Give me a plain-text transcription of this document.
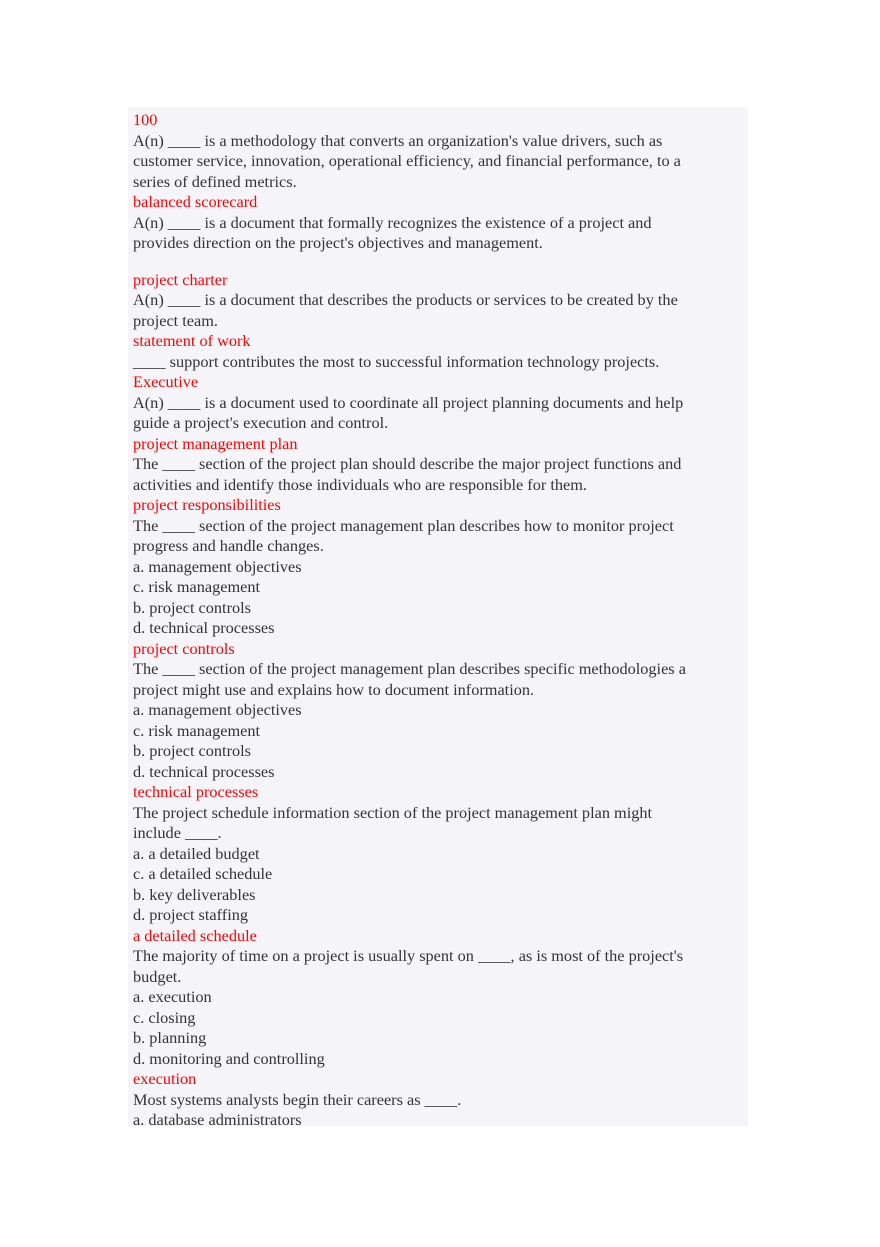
100
A(n) ____ is a methodology that converts an organization's value drivers, such as
customer service, innovation, operational efficiency, and financial performance, to a
series of defined metrics.
balanced scorecard
A(n) ____ is a document that formally recognizes the existence of a project and
provides direction on the project's objectives and management.
project charter
A(n) ____ is a document that describes the products or services to be created by the
project team.
statement of work
____ support contributes the most to successful information technology projects.
Executive
A(n) ____ is a document used to coordinate all project planning documents and help
guide a project's execution and control.
project management plan
The ____ section of the project plan should describe the major project functions and
activities and identify those individuals who are responsible for them.
project responsibilities
The ____ section of the project management plan describes how to monitor project
progress and handle changes.
a. management objectives
c. risk management
b. project controls
d. technical processes
project controls
The ____ section of the project management plan describes specific methodologies a
project might use and explains how to document information.
a. management objectives
c. risk management
b. project controls
d. technical processes
technical processes
The project schedule information section of the project management plan might
include ____.
a. a detailed budget
c. a detailed schedule
b. key deliverables
d. project staffing
a detailed schedule
The majority of time on a project is usually spent on ____, as is most of the project's
budget.
a. execution
c. closing
b. planning
d. monitoring and controlling
execution
Most systems analysts begin their careers as ____.
a. database administrators
